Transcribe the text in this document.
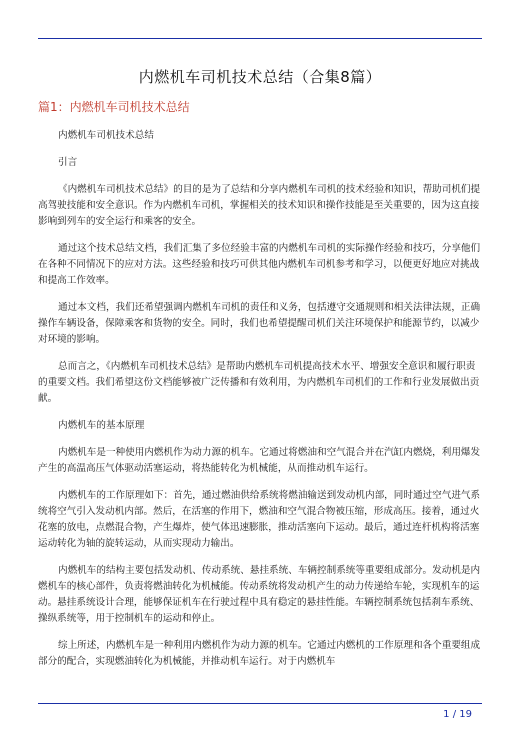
内燃机车司机技术总结（合集8篇）
篇1：内燃机车司机技术总结

内燃机车司机技术总结

引言

《内燃机车司机技术总结》的目的是为了总结和分享内燃机车司机的技术经验和知识，帮助司机们提高驾驶技能和安全意识。作为内燃机车司机，掌握相关的技术知识和操作技能是至关重要的，因为这直接影响到列车的安全运行和乘客的安全。

通过这个技术总结文档，我们汇集了多位经验丰富的内燃机车司机的实际操作经验和技巧，分享他们在各种不同情况下的应对方法。这些经验和技巧可供其他内燃机车司机参考和学习，以便更好地应对挑战和提高工作效率。

通过本文档，我们还希望强调内燃机车司机的责任和义务，包括遵守交通规则和相关法律法规，正确操作车辆设备，保障乘客和货物的安全。同时，我们也希望提醒司机们关注环境保护和能源节约，以减少对环境的影响。

总而言之，《内燃机车司机技术总结》是帮助内燃机车司机提高技术水平、增强安全意识和履行职责的重要文档。我们希望这份文档能够被广泛传播和有效利用，为内燃机车司机们的工作和行业发展做出贡献。

内燃机车的基本原理

内燃机车是一种使用内燃机作为动力源的机车。它通过将燃油和空气混合并在汽缸内燃烧，利用爆发产生的高温高压气体驱动活塞运动，将热能转化为机械能，从而推动机车运行。

内燃机车的工作原理如下：首先，通过燃油供给系统将燃油输送到发动机内部，同时通过空气进气系统将空气引入发动机内部。然后，在活塞的作用下，燃油和空气混合物被压缩，形成高压。接着，通过火花塞的放电，点燃混合物，产生爆炸，使气体迅速膨胀，推动活塞向下运动。最后，通过连杆机构将活塞运动转化为轴的旋转运动，从而实现动力输出。

内燃机车的结构主要包括发动机、传动系统、悬挂系统、车辆控制系统等重要组成部分。发动机是内燃机车的核心部件，负责将燃油转化为机械能。传动系统将发动机产生的动力传递给车轮，实现机车的运动。悬挂系统设计合理，能够保证机车在行驶过程中具有稳定的悬挂性能。车辆控制系统包括刹车系统、操纵系统等，用于控制机车的运动和停止。

综上所述，内燃机车是一种利用内燃机作为动力源的机车。它通过内燃机的工作原理和各个重要组成部分的配合，实现燃油转化为机械能，并推动机车运行。对于内燃机车

1 / 19
